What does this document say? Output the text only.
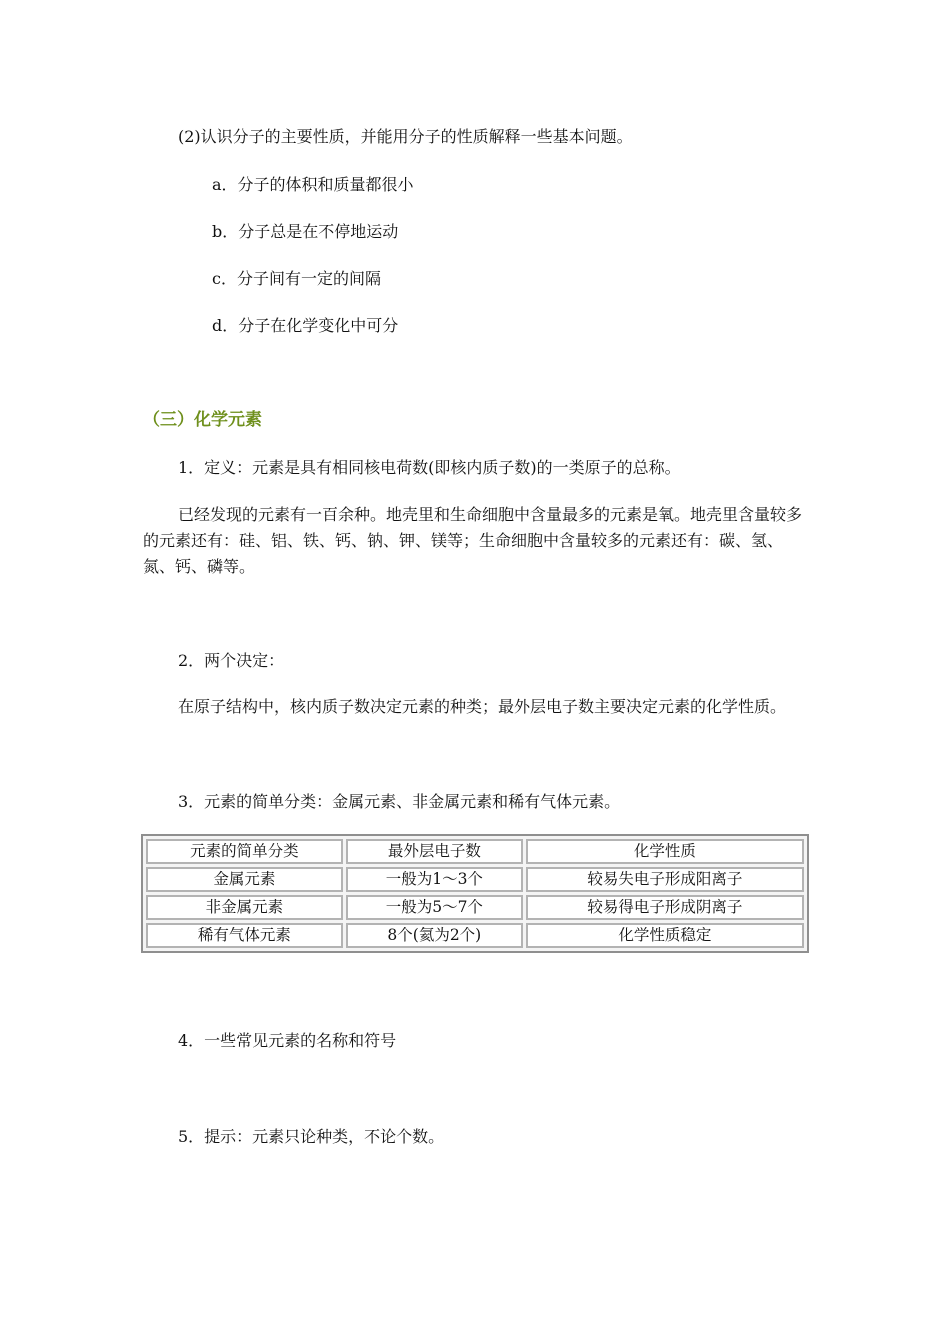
(2)认识分子的主要性质，并能用分子的性质解释一些基本问题。
a．分子的体积和质量都很小
b．分子总是在不停地运动
c．分子间有一定的间隔
d．分子在化学变化中可分
（三）化学元素
1．定义：元素是具有相同核电荷数(即核内质子数)的一类原子的总称。
已经发现的元素有一百余种。地壳里和生命细胞中含量最多的元素是氧。地壳里含量较多的元素还有：硅、铝、铁、钙、钠、钾、镁等；生命细胞中含量较多的元素还有：碳、氢、氮、钙、磷等。
2．两个决定：
在原子结构中，核内质子数决定元素的种类；最外层电子数主要决定元素的化学性质。
3．元素的简单分类：金属元素、非金属元素和稀有气体元素。
元素的简单分类	最外层电子数	化学性质
金属元素	一般为1～3个	较易失电子形成阳离子
非金属元素	一般为5～7个	较易得电子形成阴离子
稀有气体元素	8个(氦为2个)	化学性质稳定
4．一些常见元素的名称和符号
5．提示：元素只论种类，不论个数。
